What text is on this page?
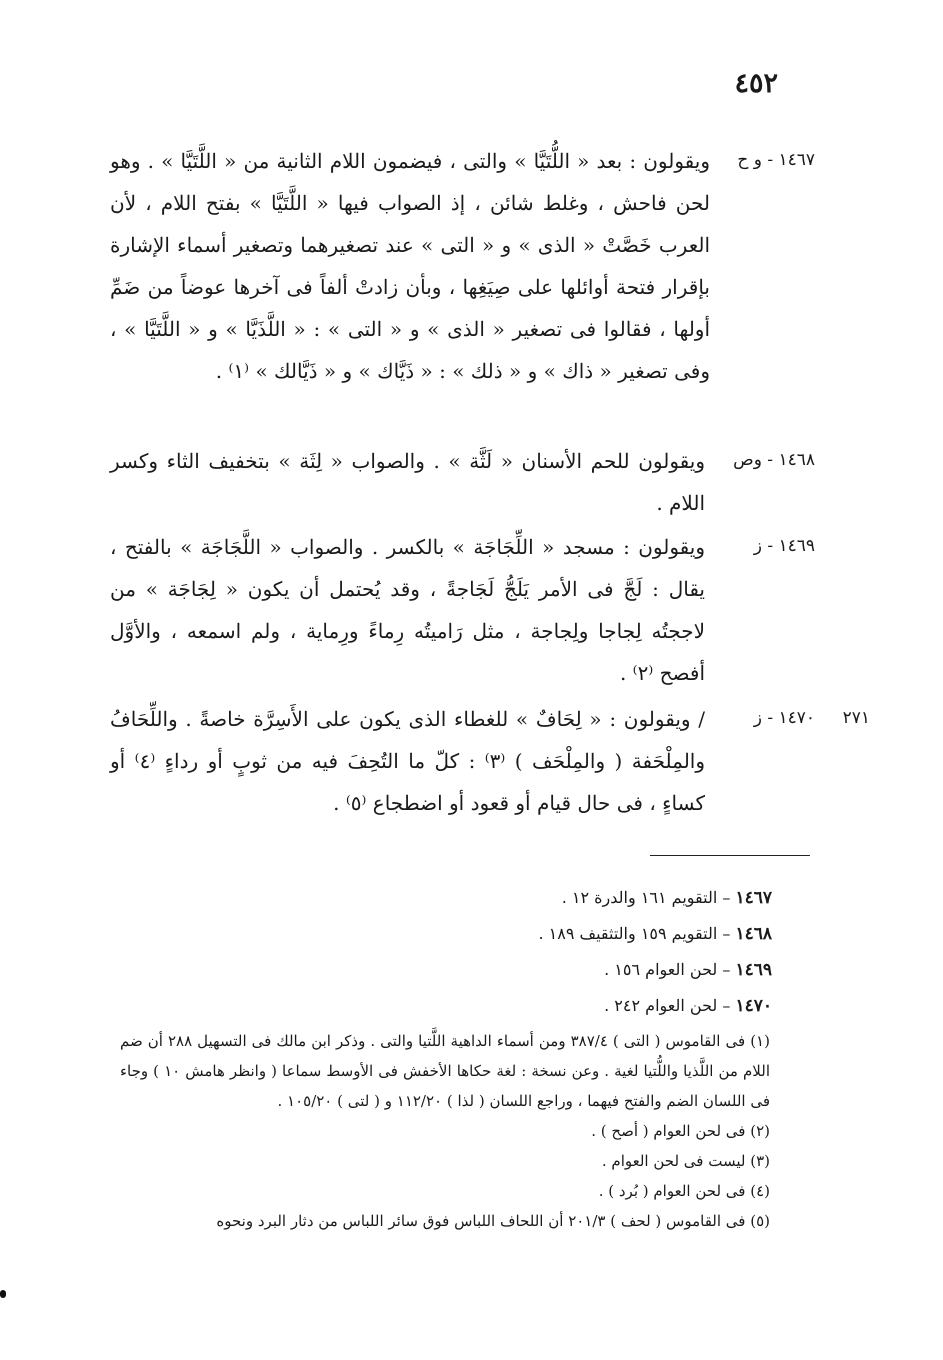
٤٥٢
١٤٦٧ - و ح
ويقولون : بعد « اللُّتَيَّا » والتى ، فيضمون اللام الثانية من « اللَّتَيَّا » . وهو لحن فاحش ، وغلط شائن ، إذ الصواب فيها « اللَّتَيَّا » بفتح اللام ، لأن العرب خَصَّتْ « الذى » و « التى » عند تصغيرهما وتصغير أسماء الإشارة بإقرار فتحة أوائلها على صِيَغِها ، وبأن زادتْ ألفاً فى آخرها عوضاً من ضَمِّ أولها ، فقالوا فى تصغير « الذى » و « التى » : « اللَّذَيَّا » و « اللَّتَيَّا » ، وفى تصغير « ذاك » و « ذلك » : « ذَيَّاك » و « ذَيَّالك » ⁽١⁾ .
١٤٦٨ - وص
ويقولون للحم الأسنان « لَثَّة » . والصواب « لِثَة » بتخفيف الثاء وكسر اللام .
١٤٦٩ - ز
ويقولون : مسجد « اللِّجَاجَة » بالكسر . والصواب « اللَّجَاجَة » بالفتح ، يقال : لَجَّ فى الأمر يَلَجُّ لَجَاجةً ، وقد يُحتمل أن يكون « لِجَاجَة » من لاججتُه لِجاجا ولِجاجة ، مثل رَاميتُه رِماءً ورِماية ، ولم اسمعه ، والأوَّل أفصح ⁽٢⁾ .
٢٧١
١٤٧٠ - ز
/ ويقولون : « لِحَافٌ » للغطاء الذى يكون على الأَسِرَّة خاصةً . واللِّحَافُ والمِلْحَفة ( والمِلْحَف ) ⁽٣⁾ : كلّ ما التُحِفَ فيه من ثوبٍ أو رداءٍ ⁽٤⁾ أو كساءٍ ، فى حال قيام أو قعود أو اضطجاع ⁽٥⁾ .
١٤٦٧ – التقويم ١٦١ والدرة ١٢ .
١٤٦٨ – التقويم ١٥٩ والتثقيف ١٨٩ .
١٤٦٩ – لحن العوام ١٥٦ .
١٤٧٠ – لحن العوام ٢٤٢ .
(١) فى القاموس ( التى ) ٣٨٧/٤ ومن أسماء الداهية اللَّتيا والتى . وذكر ابن مالك فى التسهيل ٢٨٨ أن ضم اللام من اللَّذيا واللُّتيا لغية . وعن نسخة : لغة حكاها الأخفش فى الأوسط سماعا ( وانظر هامش ١٠ ) وجاء فى اللسان الضم والفتح فيهما ، وراجع اللسان ( لذا ) ١١٢/٢٠ و ( لتى ) ١٠٥/٢٠ .
(٢) فى لحن العوام ( أصح ) .
(٣) ليست فى لحن العوام .
(٤) فى لحن العوام ( بُرد ) .
(٥) فى القاموس ( لحف ) ٢٠١/٣ أن اللحاف اللباس فوق سائر اللباس من دثار البرد ونحوه
